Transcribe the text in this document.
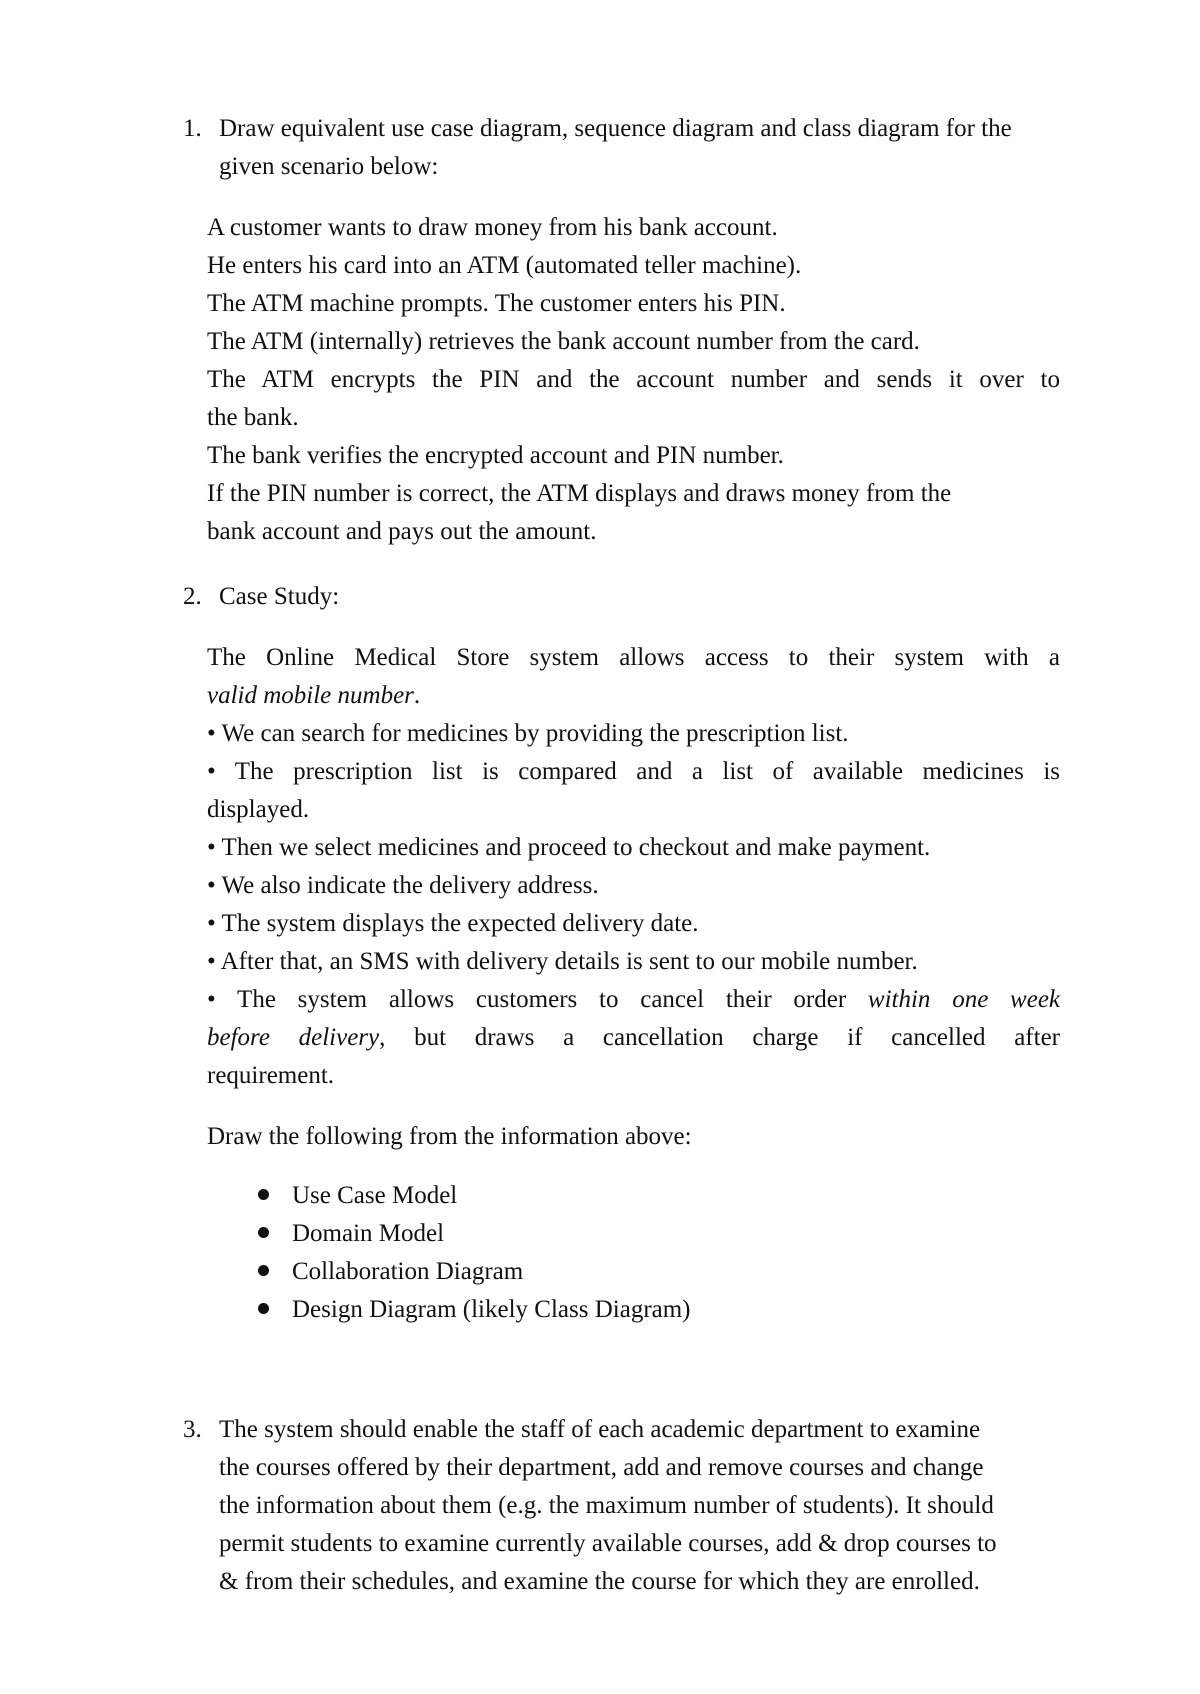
1. Draw equivalent use case diagram, sequence diagram and class diagram for the
given scenario below:
A customer wants to draw money from his bank account.
He enters his card into an ATM (automated teller machine).
The ATM machine prompts. The customer enters his PIN.
The ATM (internally) retrieves the bank account number from the card.
The ATM encrypts the PIN and the account number and sends it over to
the bank.
The bank verifies the encrypted account and PIN number.
If the PIN number is correct, the ATM displays and draws money from the
bank account and pays out the amount.
2. Case Study:
The Online Medical Store system allows access to their system with a
valid mobile number.
• We can search for medicines by providing the prescription list.
• The prescription list is compared and a list of available medicines is
displayed.
• Then we select medicines and proceed to checkout and make payment.
• We also indicate the delivery address.
• The system displays the expected delivery date.
• After that, an SMS with delivery details is sent to our mobile number.
• The system allows customers to cancel their order within one week
before delivery, but draws a cancellation charge if cancelled after
requirement.
Draw the following from the information above:
Use Case Model
Domain Model
Collaboration Diagram
Design Diagram (likely Class Diagram)
3. The system should enable the staff of each academic department to examine
the courses offered by their department, add and remove courses and change
the information about them (e.g. the maximum number of students). It should
permit students to examine currently available courses, add & drop courses to
& from their schedules, and examine the course for which they are enrolled.
